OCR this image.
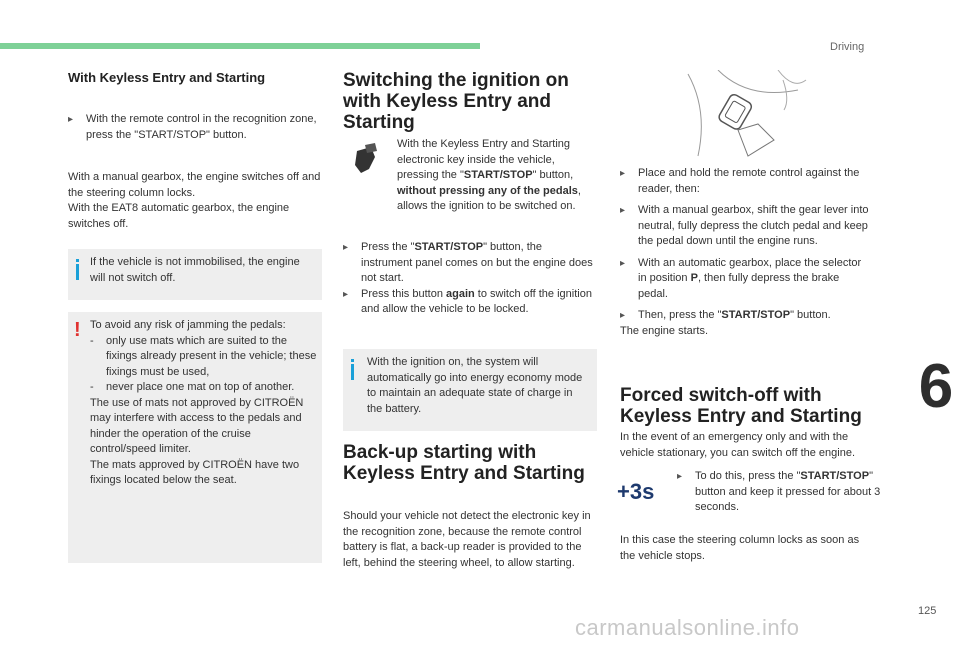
Driving
6
125
carmanualsonline.info
With Keyless Entry and Starting
▸ With the remote control in the recognition zone, press the "START/STOP" button.
With a manual gearbox, the engine switches off and the steering column locks.
With the EAT8 automatic gearbox, the engine switches off.
If the vehicle is not immobilised, the engine will not switch off.
! To avoid any risk of jamming the pedals:
- only use mats which are suited to the fixings already present in the vehicle; these fixings must be used,
- never place one mat on top of another.
The use of mats not approved by CITROËN may interfere with access to the pedals and hinder the operation of the cruise control/speed limiter.
The mats approved by CITROËN have two fixings located below the seat.
Switching the ignition on with Keyless Entry and Starting
With the Keyless Entry and Starting electronic key inside the vehicle, pressing the "START/STOP" button, without pressing any of the pedals, allows the ignition to be switched on.
▸ Press the "START/STOP" button, the instrument panel comes on but the engine does not start.
▸ Press this button again to switch off the ignition and allow the vehicle to be locked.
With the ignition on, the system will automatically go into energy economy mode to maintain an adequate state of charge in the battery.
Back-up starting with Keyless Entry and Starting
Should your vehicle not detect the electronic key in the recognition zone, because the remote control battery is flat, a back-up reader is provided to the left, behind the steering wheel, to allow starting.
▸ Place and hold the remote control against the reader, then:
▸ With a manual gearbox, shift the gear lever into neutral, fully depress the clutch pedal and keep the pedal down until the engine runs.
▸ With an automatic gearbox, place the selector in position P, then fully depress the brake pedal.
▸ Then, press the "START/STOP" button.
The engine starts.
Forced switch-off with Keyless Entry and Starting
In the event of an emergency only and with the vehicle stationary, you can switch off the engine.
+3s
▸ To do this, press the "START/STOP" button and keep it pressed for about 3 seconds.
In this case the steering column locks as soon as the vehicle stops.
